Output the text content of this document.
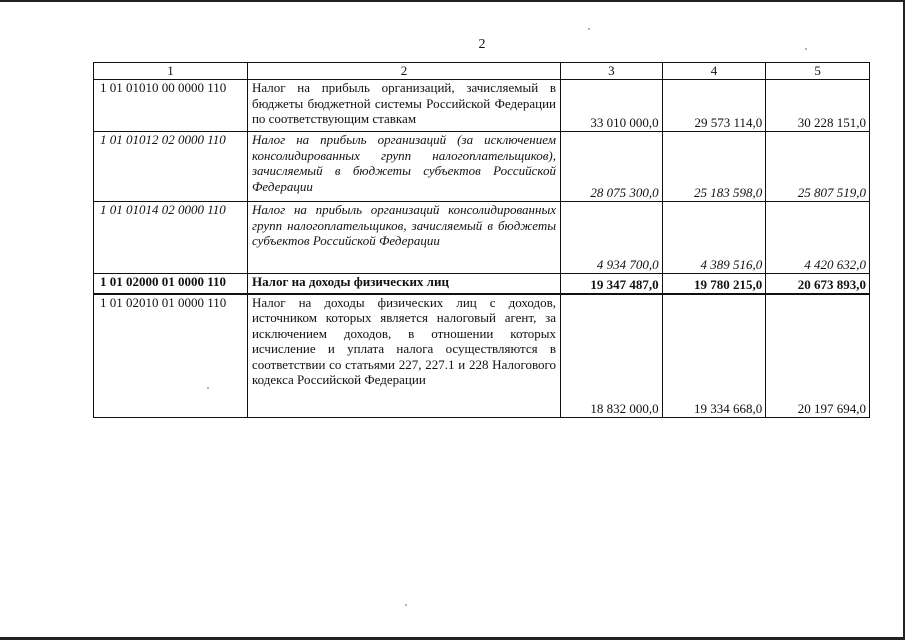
2
1	2	3	4	5
1 01 01010 00 0000 110	Налог на прибыль организаций, зачисляемый в бюджеты бюджетной системы Российской Федерации по соответствующим ставкам	33 010 000,0	29 573 114,0	30 228 151,0
1 01 01012 02 0000 110	Налог на прибыль организаций (за исключением консолидированных групп налогоплательщиков), зачисляемый в бюджеты субъектов Российской Федерации	28 075 300,0	25 183 598,0	25 807 519,0
1 01 01014 02 0000 110	Налог на прибыль организаций консолидированных групп налогоплательщиков, зачисляемый в бюджеты субъектов Российской Федерации	4 934 700,0	4 389 516,0	4 420 632,0
1 01 02000 01 0000 110	Налог на доходы физических лиц	19 347 487,0	19 780 215,0	20 673 893,0
1 01 02010 01 0000 110	Налог на доходы физических лиц с доходов, источником которых является налоговый агент, за исключением доходов, в отношении которых исчисление и уплата налога осуществляются в соответствии со статьями 227, 227.1 и 228 Налогового кодекса Российской Федерации	18 832 000,0	19 334 668,0	20 197 694,0
